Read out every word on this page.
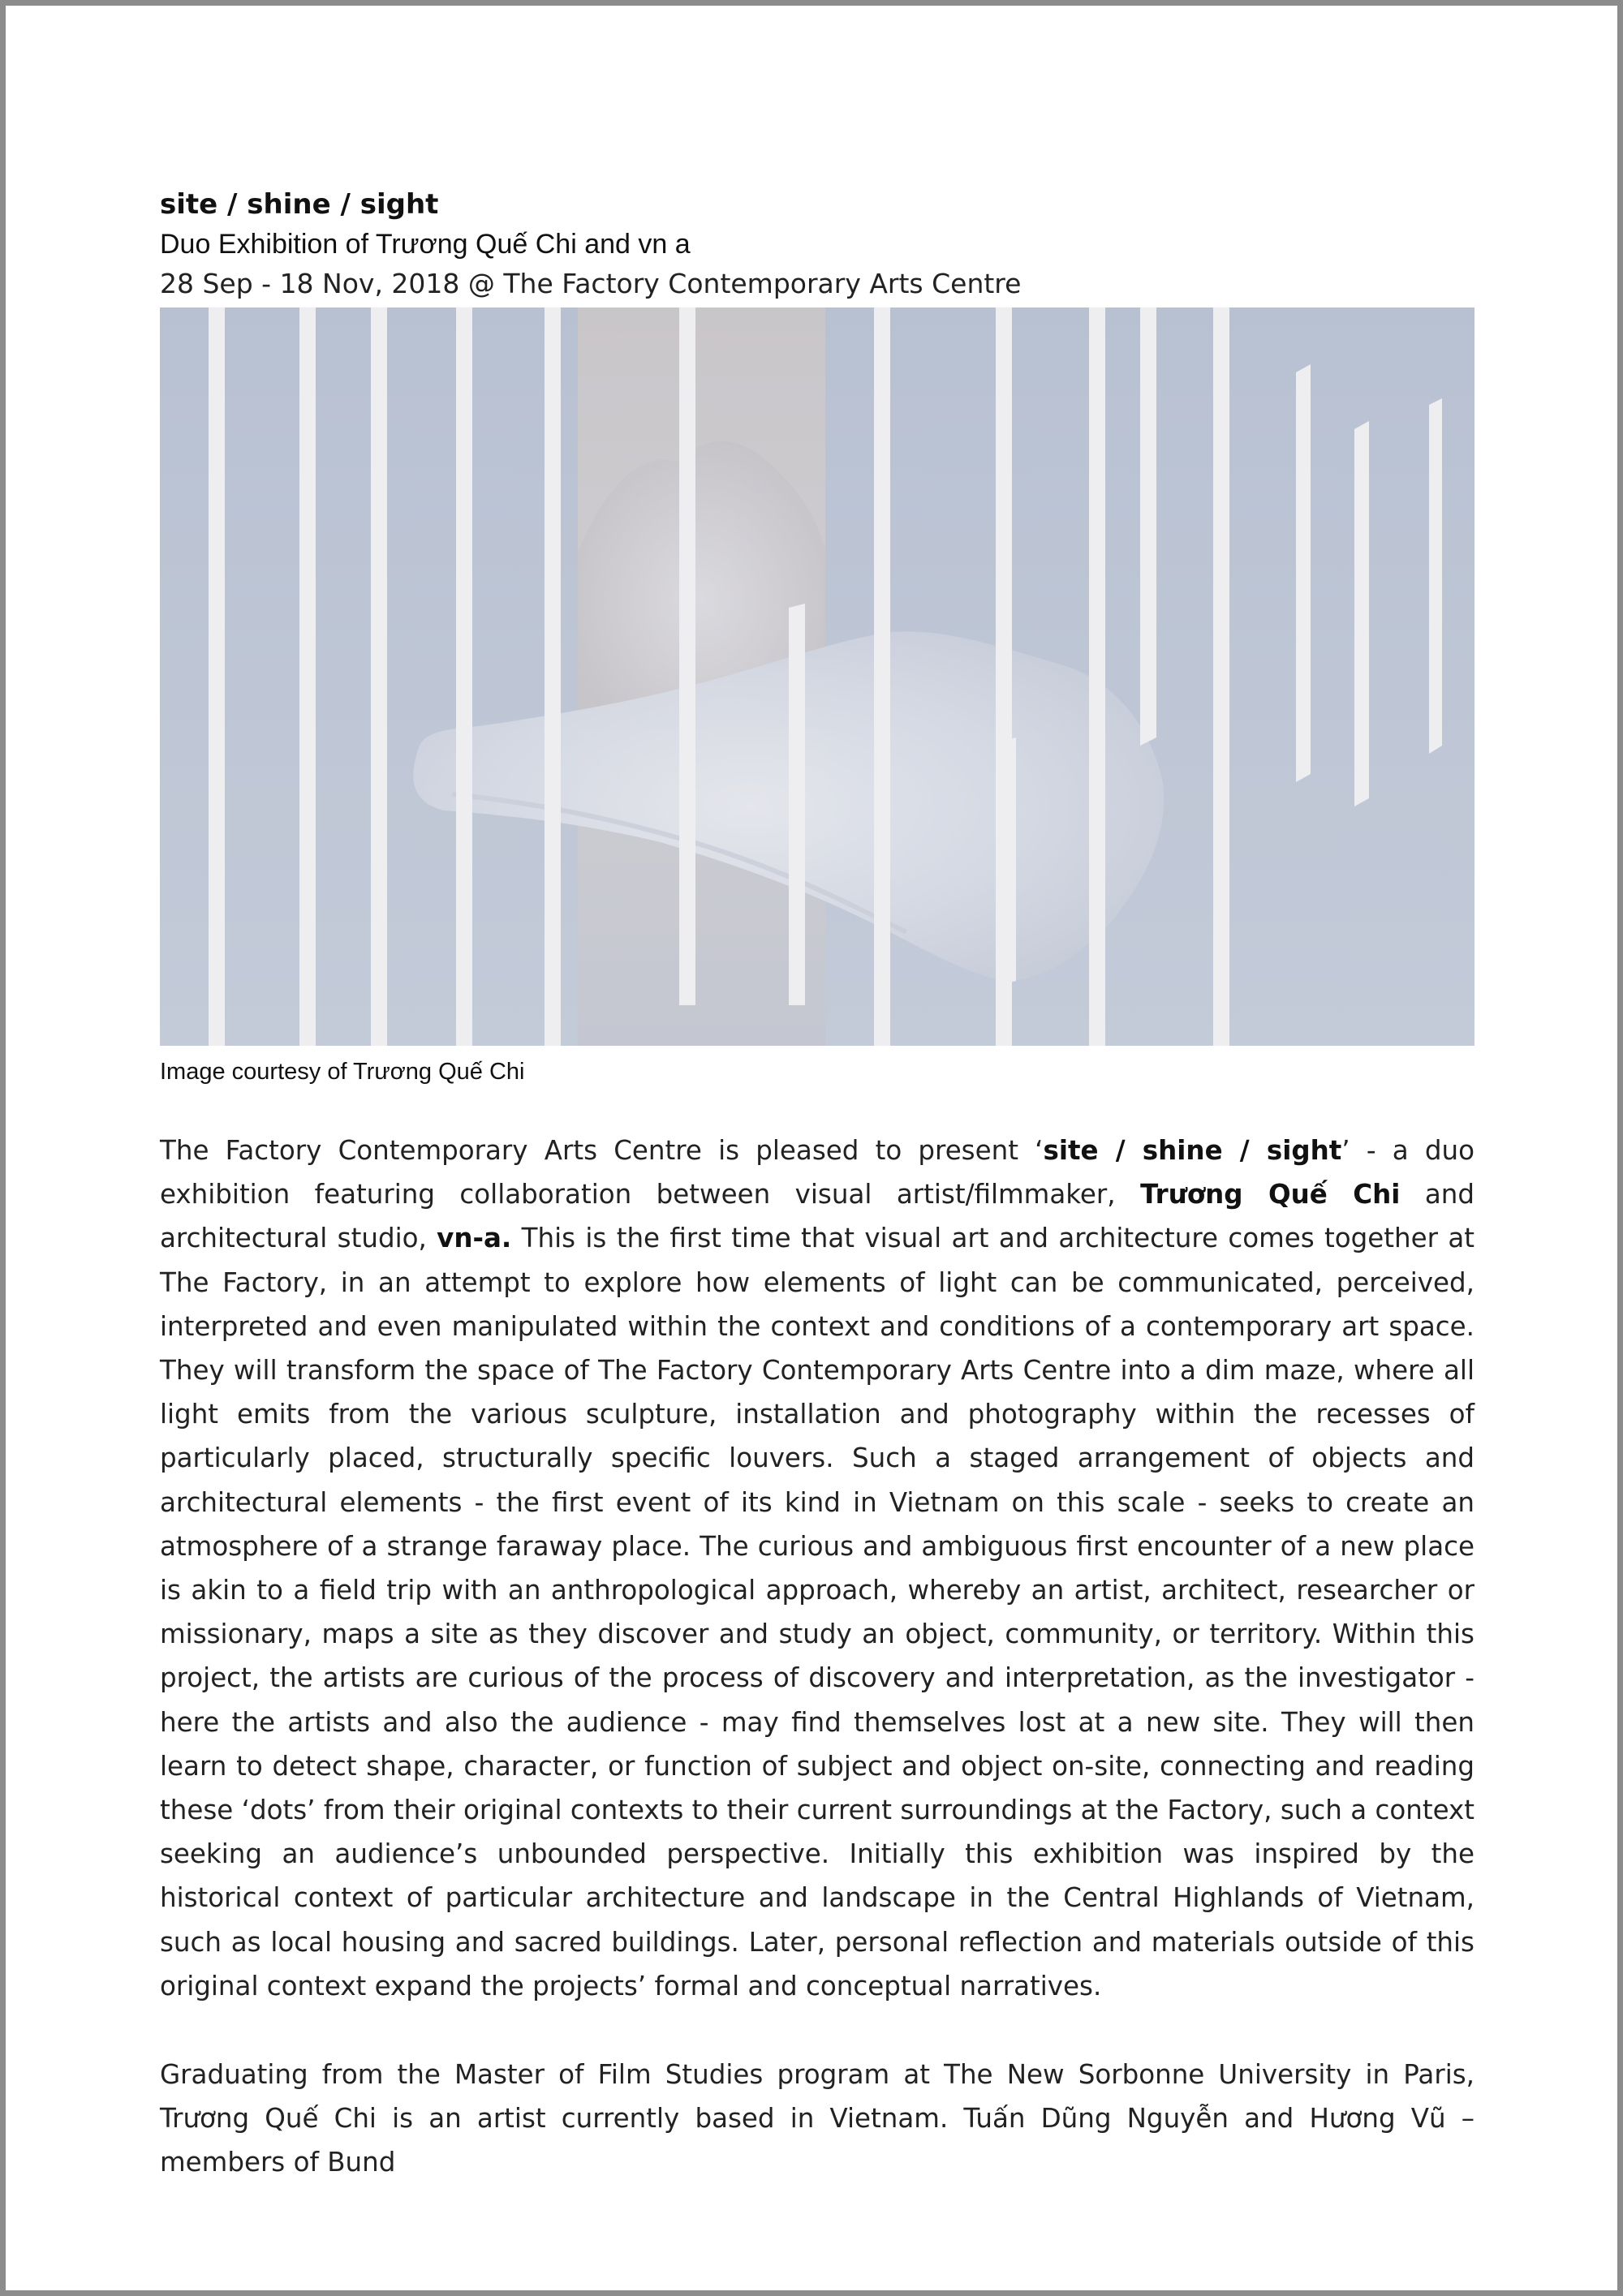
site / shine / sight
Duo Exhibition of Trương Quế Chi and vn a
28 Sep - 18 Nov, 2018 @ The Factory Contemporary Arts Centre
Image courtesy of Trương Quế Chi

The Factory Contemporary Arts Centre is pleased to present ‘site / shine / sight’ - a duo exhibition featuring collaboration between visual artist/filmmaker, Trương Quế Chi and architectural studio, vn-a. This is the first time that visual art and architecture comes together at The Factory, in an attempt to explore how elements of light can be communicated, perceived, interpreted and even manipulated within the context and conditions of a contemporary art space. They will transform the space of The Factory Contemporary Arts Centre into a dim maze, where all light emits from the various sculpture, installation and photography within the recesses of particularly placed, structurally specific louvers. Such a staged arrangement of objects and architectural elements - the first event of its kind in Vietnam on this scale - seeks to create an atmosphere of a strange faraway place. The curious and ambiguous first encounter of a new place is akin to a field trip with an anthropological approach, whereby an artist, architect, researcher or missionary, maps a site as they discover and study an object, community, or territory. Within this project, the artists are curious of the process of discovery and interpretation, as the investigator - here the artists and also the audience - may find themselves lost at a new site. They will then learn to detect shape, character, or function of subject and object on-site, connecting and reading these ‘dots’ from their original contexts to their current surroundings at the Factory, such a context seeking an audience’s unbounded perspective. Initially this exhibition was inspired by the historical context of particular architecture and landscape in the Central Highlands of Vietnam, such as local housing and sacred buildings. Later, personal reflection and materials outside of this original context expand the projects’ formal and conceptual narratives.

Graduating from the Master of Film Studies program at The New Sorbonne University in Paris, Trương Quế Chi is an artist currently based in Vietnam. Tuấn Dũng Nguyễn and Hương Vũ – members of Bund
